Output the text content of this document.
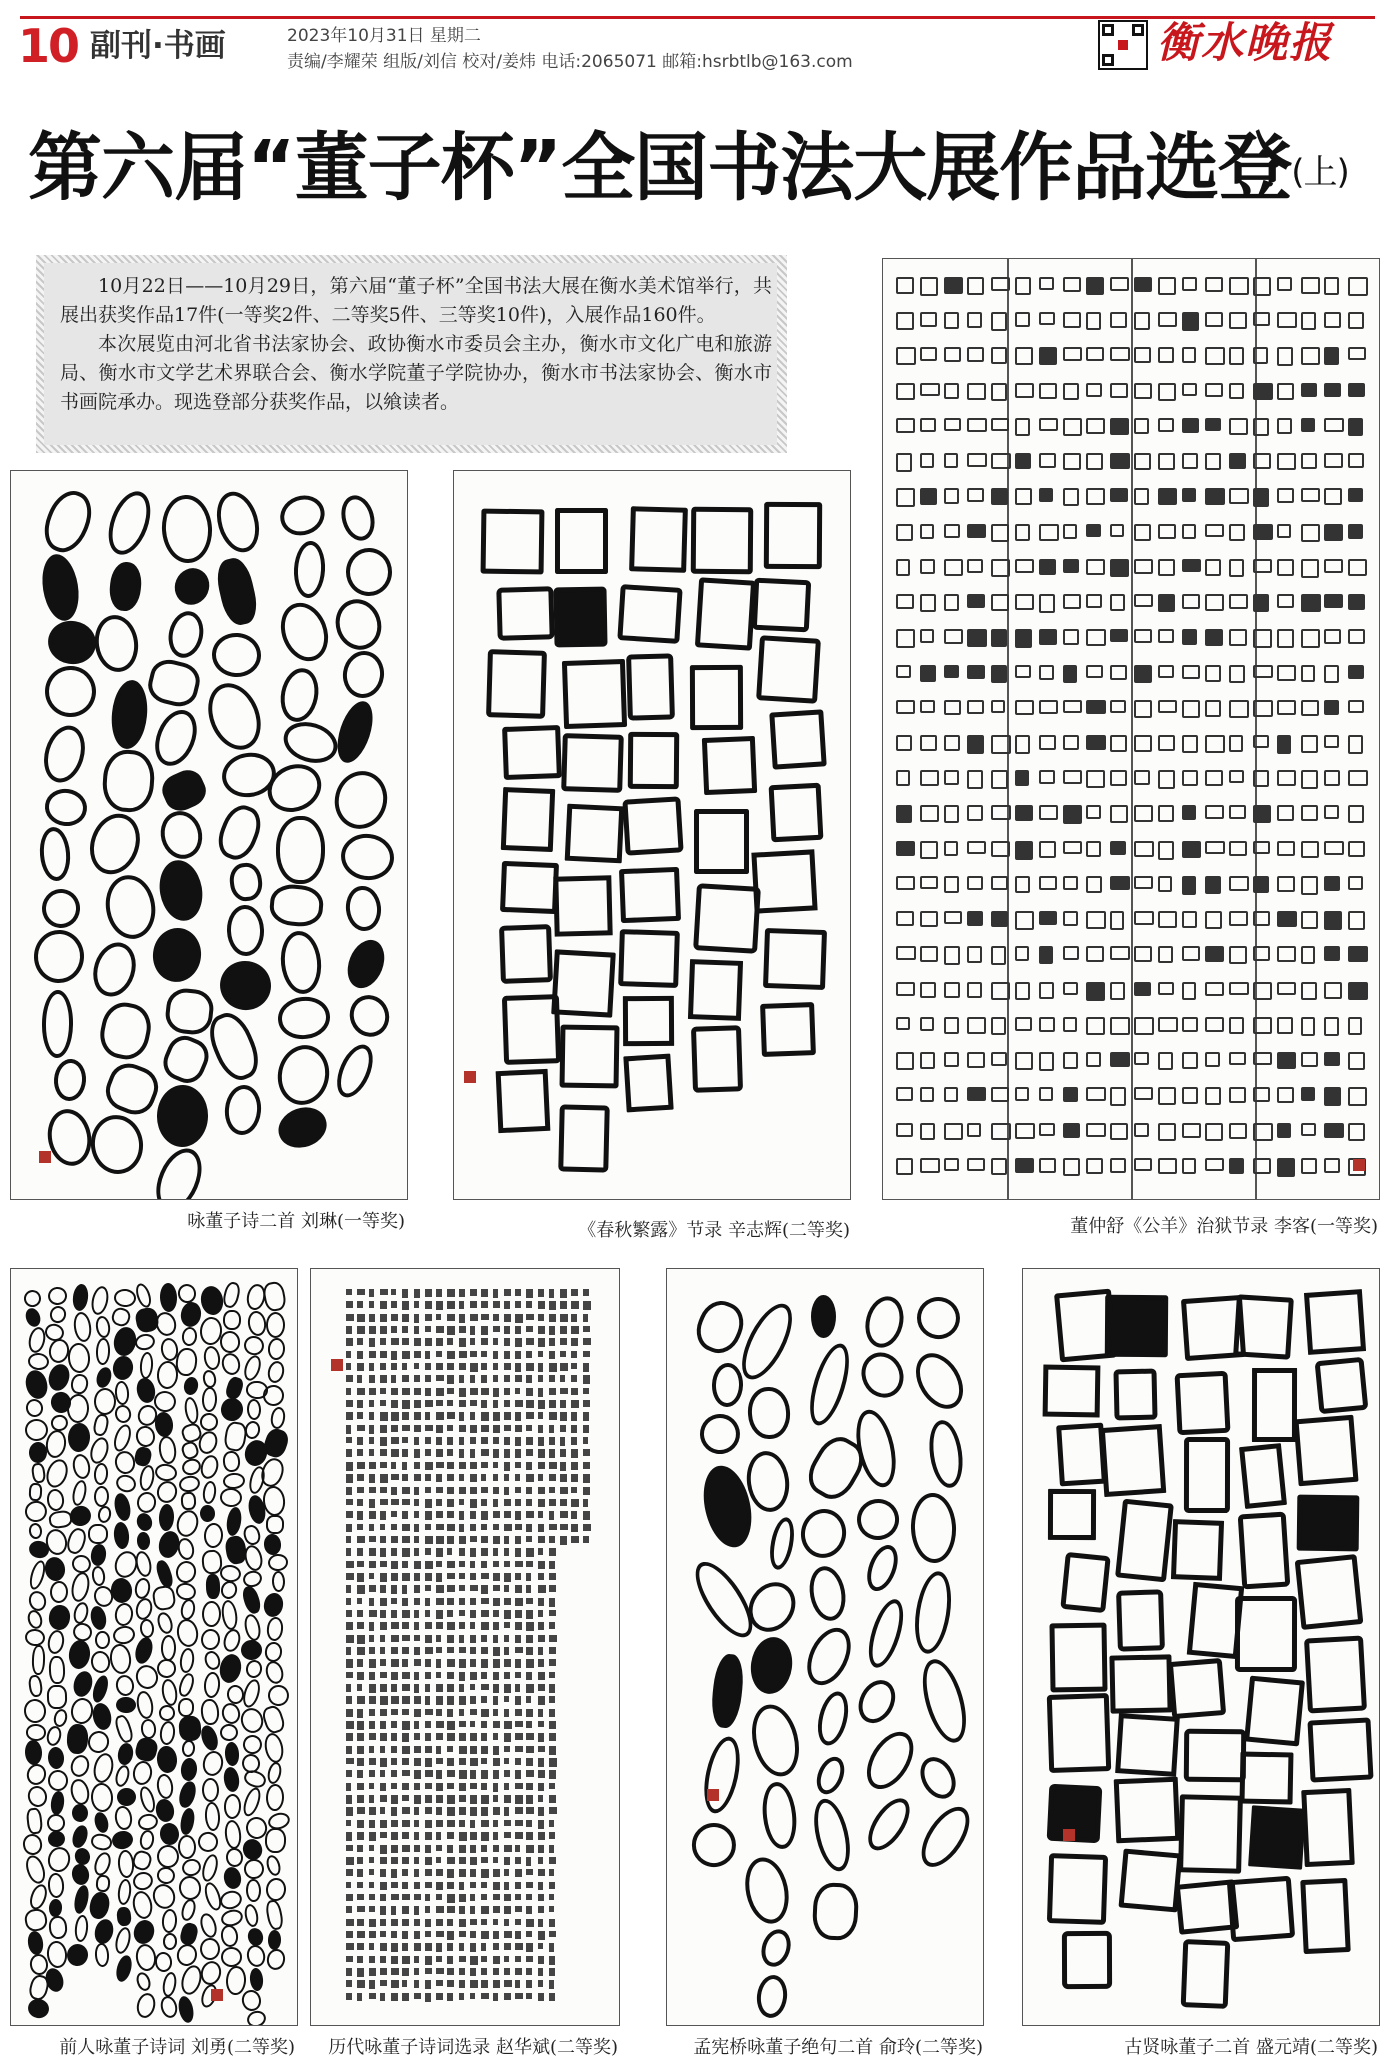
10 副刊·书画	2023年10月31日 星期二
责编/李耀荣 组版/刘信 校对/姜炜 电话:2065071 邮箱:hsrbtlb@163.com	衡水晚报
第六届“董子杯”全国书法大展作品选登(上)

10月22日——10月29日，第六届“董子杯”全国书法大展在衡水美术馆举行，共展出获奖作品17件(一等奖2件、二等奖5件、三等奖10件)，入展作品160件。

本次展览由河北省书法家协会、政协衡水市委员会主办，衡水市文化广电和旅游局、衡水市文学艺术界联合会、衡水学院董子学院协办，衡水市书法家协会、衡水市书画院承办。现选登部分获奖作品，以飨读者。

咏董子诗二首 刘琳(一等奖)	《春秋繁露》节录 辛志辉(二等奖)	董仲舒《公羊》治狱节录 李客(一等奖)
前人咏董子诗词 刘勇(二等奖)	历代咏董子诗词选录 赵华斌(二等奖)	孟宪桥咏董子绝句二首 俞玲(二等奖)	古贤咏董子二首 盛元靖(二等奖)
